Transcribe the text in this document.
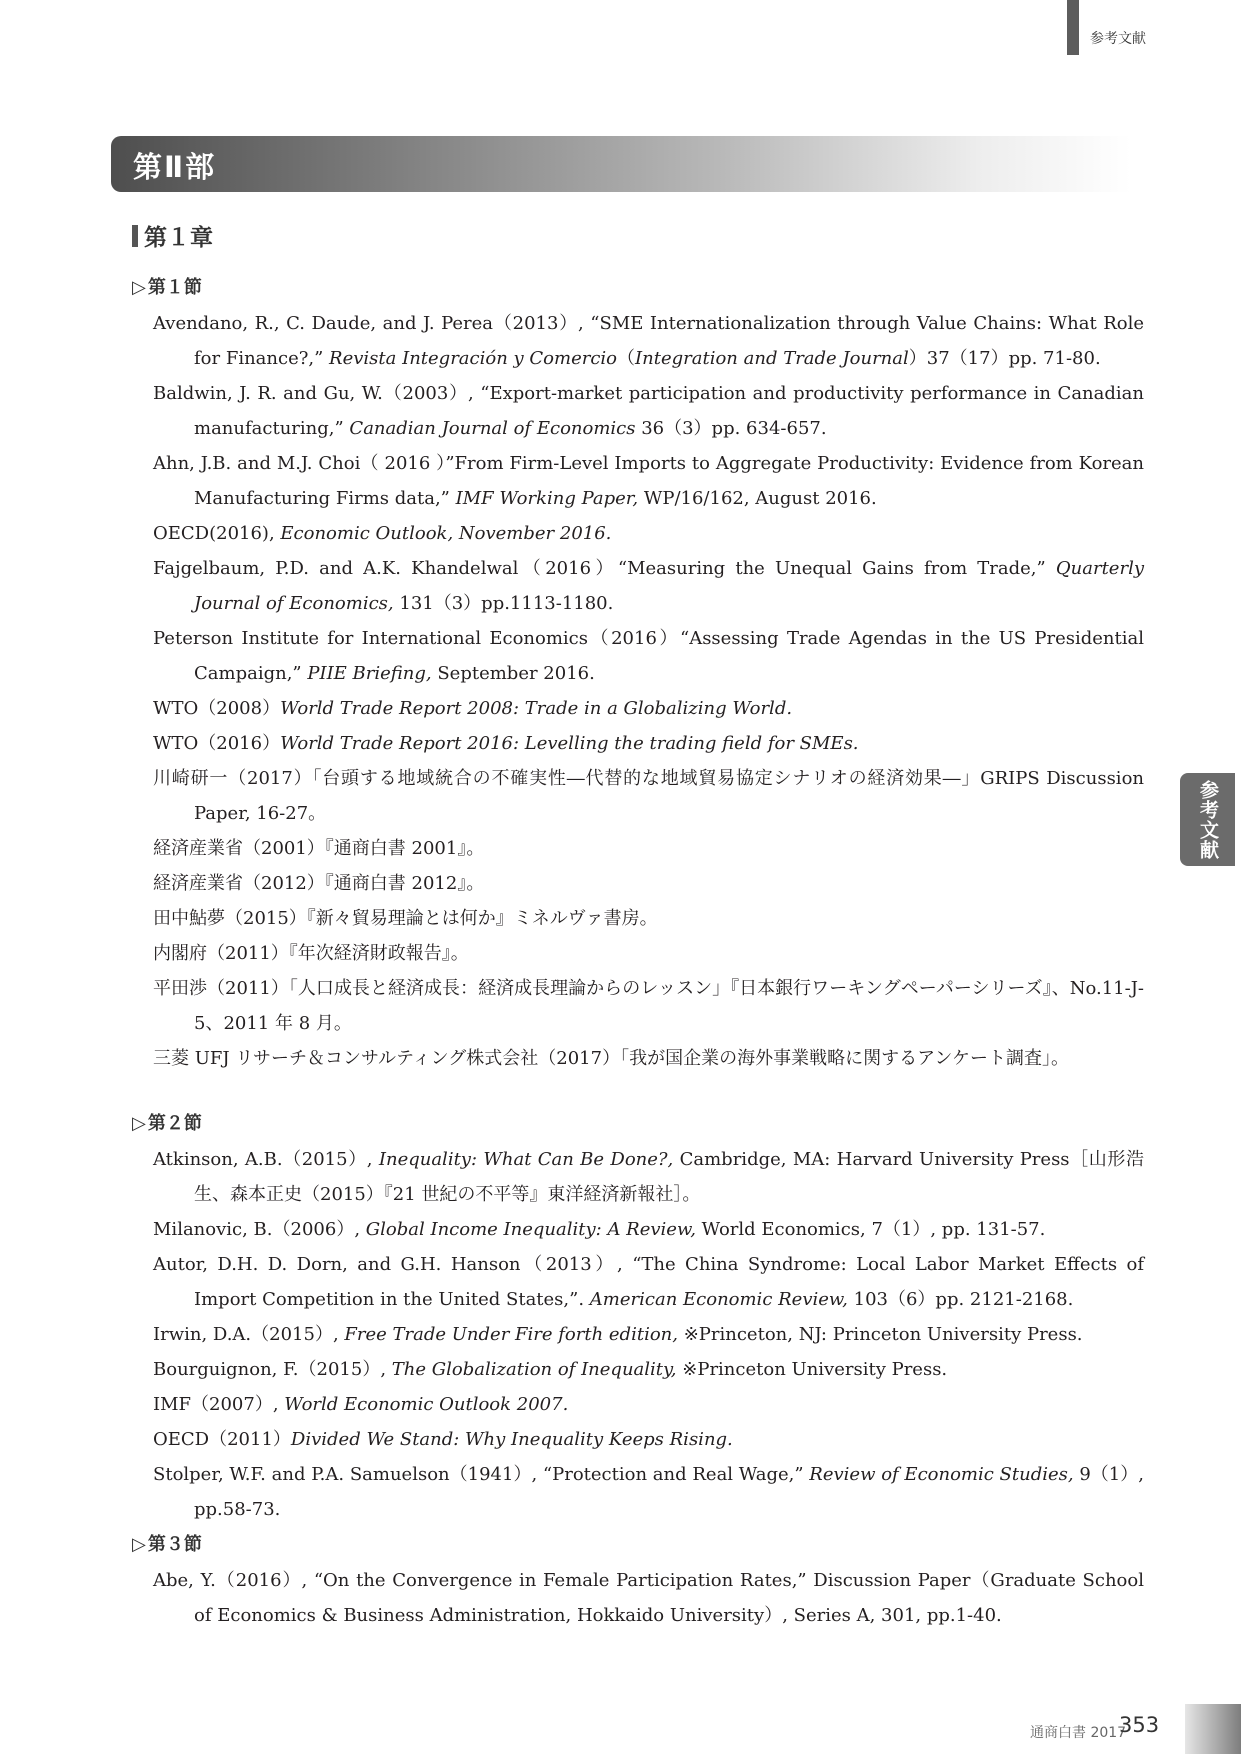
参考文献
第Ⅱ部
第１章
参考文献
▷ 第１節

Avendano, R., C. Daude, and J. Perea（2013）, “SME Internationalization through Value Chains: What Role for Finance?,” Revista Integración y Comercio（Integration and Trade Journal）37（17）pp. 71-80.

Baldwin, J. R. and Gu, W.（2003）, “Export-market participation and productivity performance in Canadian manufacturing,” Canadian Journal of Economics 36（3）pp. 634-657.

Ahn, J.B. and M.J. Choi（ 2016 ）”From Firm-Level Imports to Aggregate Productivity: Evidence from Korean Manufacturing Firms data,” IMF Working Paper, WP/16/162, August 2016.

OECD(2016), Economic Outlook, November 2016.

Fajgelbaum, P.D. and A.K. Khandelwal（2016）“Measuring the Unequal Gains from Trade,” Quarterly Journal of Economics, 131（3）pp.1113-1180.

Peterson Institute for International Economics（2016）“Assessing Trade Agendas in the US Presidential Campaign,” PIIE Briefing, September 2016.

WTO（2008）World Trade Report 2008: Trade in a Globalizing World.

WTO（2016）World Trade Report 2016: Levelling the trading field for SMEs.

川崎研一（2017）「台頭する地域統合の不確実性―代替的な地域貿易協定シナリオの経済効果―」GRIPS Discussion Paper, 16-27。

経済産業省（2001）『通商白書 2001』。

経済産業省（2012）『通商白書 2012』。

田中鮎夢（2015）『新々貿易理論とは何か』ミネルヴァ書房。

内閣府（2011）『年次経済財政報告』。

平田渉（2011）「人口成長と経済成長：経済成長理論からのレッスン」『日本銀行ワーキングペーパーシリーズ』、No.11-J-5、2011 年 8 月。

三菱 UFJ リサーチ＆コンサルティング株式会社（2017）「我が国企業の海外事業戦略に関するアンケート調査」。

▷ 第２節

Atkinson, A.B.（2015）, Inequality: What Can Be Done?, Cambridge, MA: Harvard University Press［山形浩生、森本正史（2015）『21 世紀の不平等』東洋経済新報社］。

Milanovic, B.（2006）, Global Income Inequality: A Review, World Economics, 7（1）, pp. 131-57.

Autor, D.H. D. Dorn, and G.H. Hanson（2013）, “The China Syndrome: Local Labor Market Effects of Import Competition in the United States,”. American Economic Review, 103（6）pp. 2121-2168.

Irwin, D.A.（2015）, Free Trade Under Fire forth edition, ※Princeton, NJ: Princeton University Press.

Bourguignon, F.（2015）, The Globalization of Inequality, ※Princeton University Press.

IMF（2007）, World Economic Outlook 2007.

OECD（2011）Divided We Stand: Why Inequality Keeps Rising.

Stolper, W.F. and P.A. Samuelson（1941）, “Protection and Real Wage,” Review of Economic Studies, 9（1）, pp.58-73.

▷ 第３節

Abe, Y.（2016）, “On the Convergence in Female Participation Rates,” Discussion Paper（Graduate School of Economics & Business Administration, Hokkaido University）, Series A, 301, pp.1-40.

通商白書 2017
353
